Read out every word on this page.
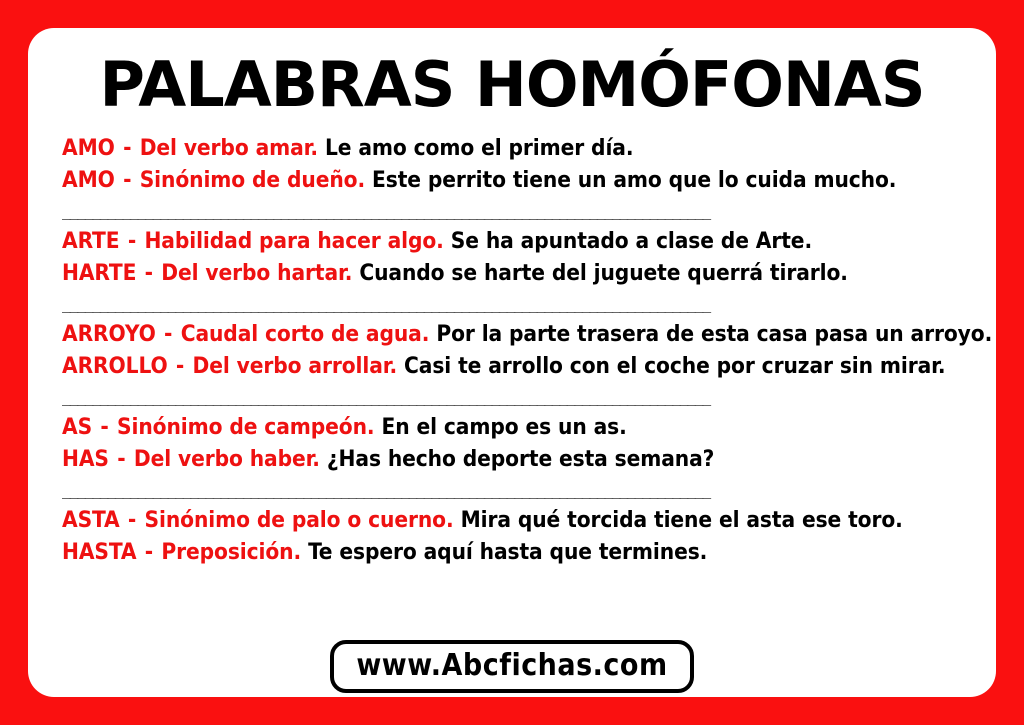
PALABRAS HOMÓFONAS
AMO - Del verbo amar. Le amo como el primer día.
AMO - Sinónimo de dueño. Este perrito tiene un amo que lo cuida mucho.
______________________________________________________________________________________
ARTE - Habilidad para hacer algo. Se ha apuntado a clase de Arte.
HARTE - Del verbo hartar. Cuando se harte del juguete querrá tirarlo.
______________________________________________________________________________________
ARROYO - Caudal corto de agua. Por la parte trasera de esta casa pasa un arroyo.
ARROLLO - Del verbo arrollar. Casi te arrollo con el coche por cruzar sin mirar.
______________________________________________________________________________________
AS - Sinónimo de campeón. En el campo es un as.
HAS - Del verbo haber. ¿Has hecho deporte esta semana?
______________________________________________________________________________________
ASTA - Sinónimo de palo o cuerno. Mira qué torcida tiene el asta ese toro.
HASTA - Preposición. Te espero aquí hasta que termines.
www.Abcfichas.com
